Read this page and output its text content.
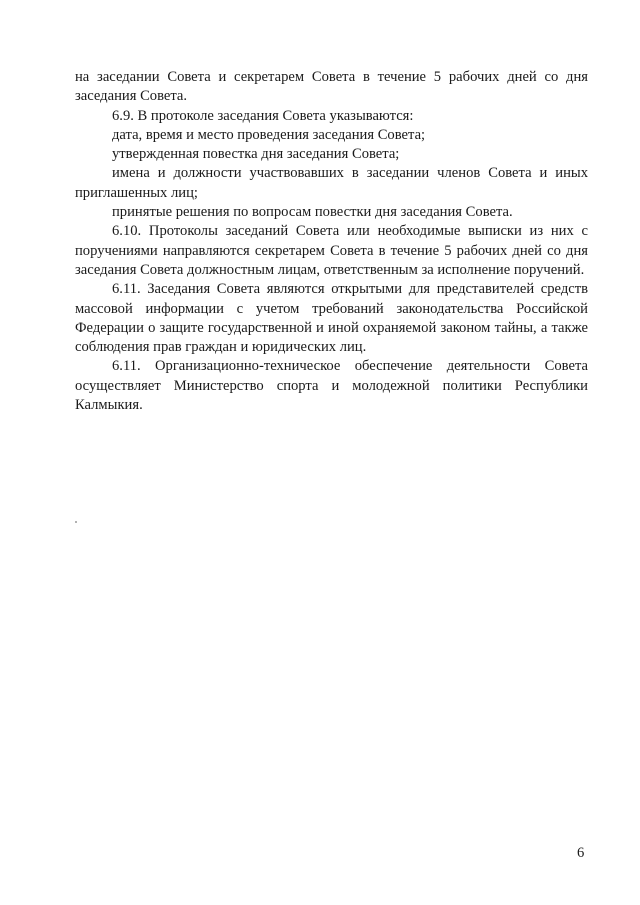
на заседании Совета и секретарем Совета в течение 5 рабочих дней со дня заседания Совета.

6.9. В протоколе заседания Совета указываются:

дата, время и место проведения заседания Совета;

утвержденная повестка дня заседания Совета;

имена и должности участвовавших в заседании членов Совета и иных приглашенных лиц;

принятые решения по вопросам повестки дня заседания Совета.

6.10. Протоколы заседаний Совета или необходимые выписки из них с поручениями направляются секретарем Совета в течение 5 рабочих дней со дня заседания Совета должностным лицам, ответственным за исполнение поручений.

6.11. Заседания Совета являются открытыми для представителей средств массовой информации с учетом требований законодательства Российской Федерации о защите государственной и иной охраняемой законом тайны, а также соблюдения прав граждан и юридических лиц.

6.11. Организационно-техническое обеспечение деятельности Совета осуществляет Министерство спорта и молодежной политики Республики Калмыкия.

6
